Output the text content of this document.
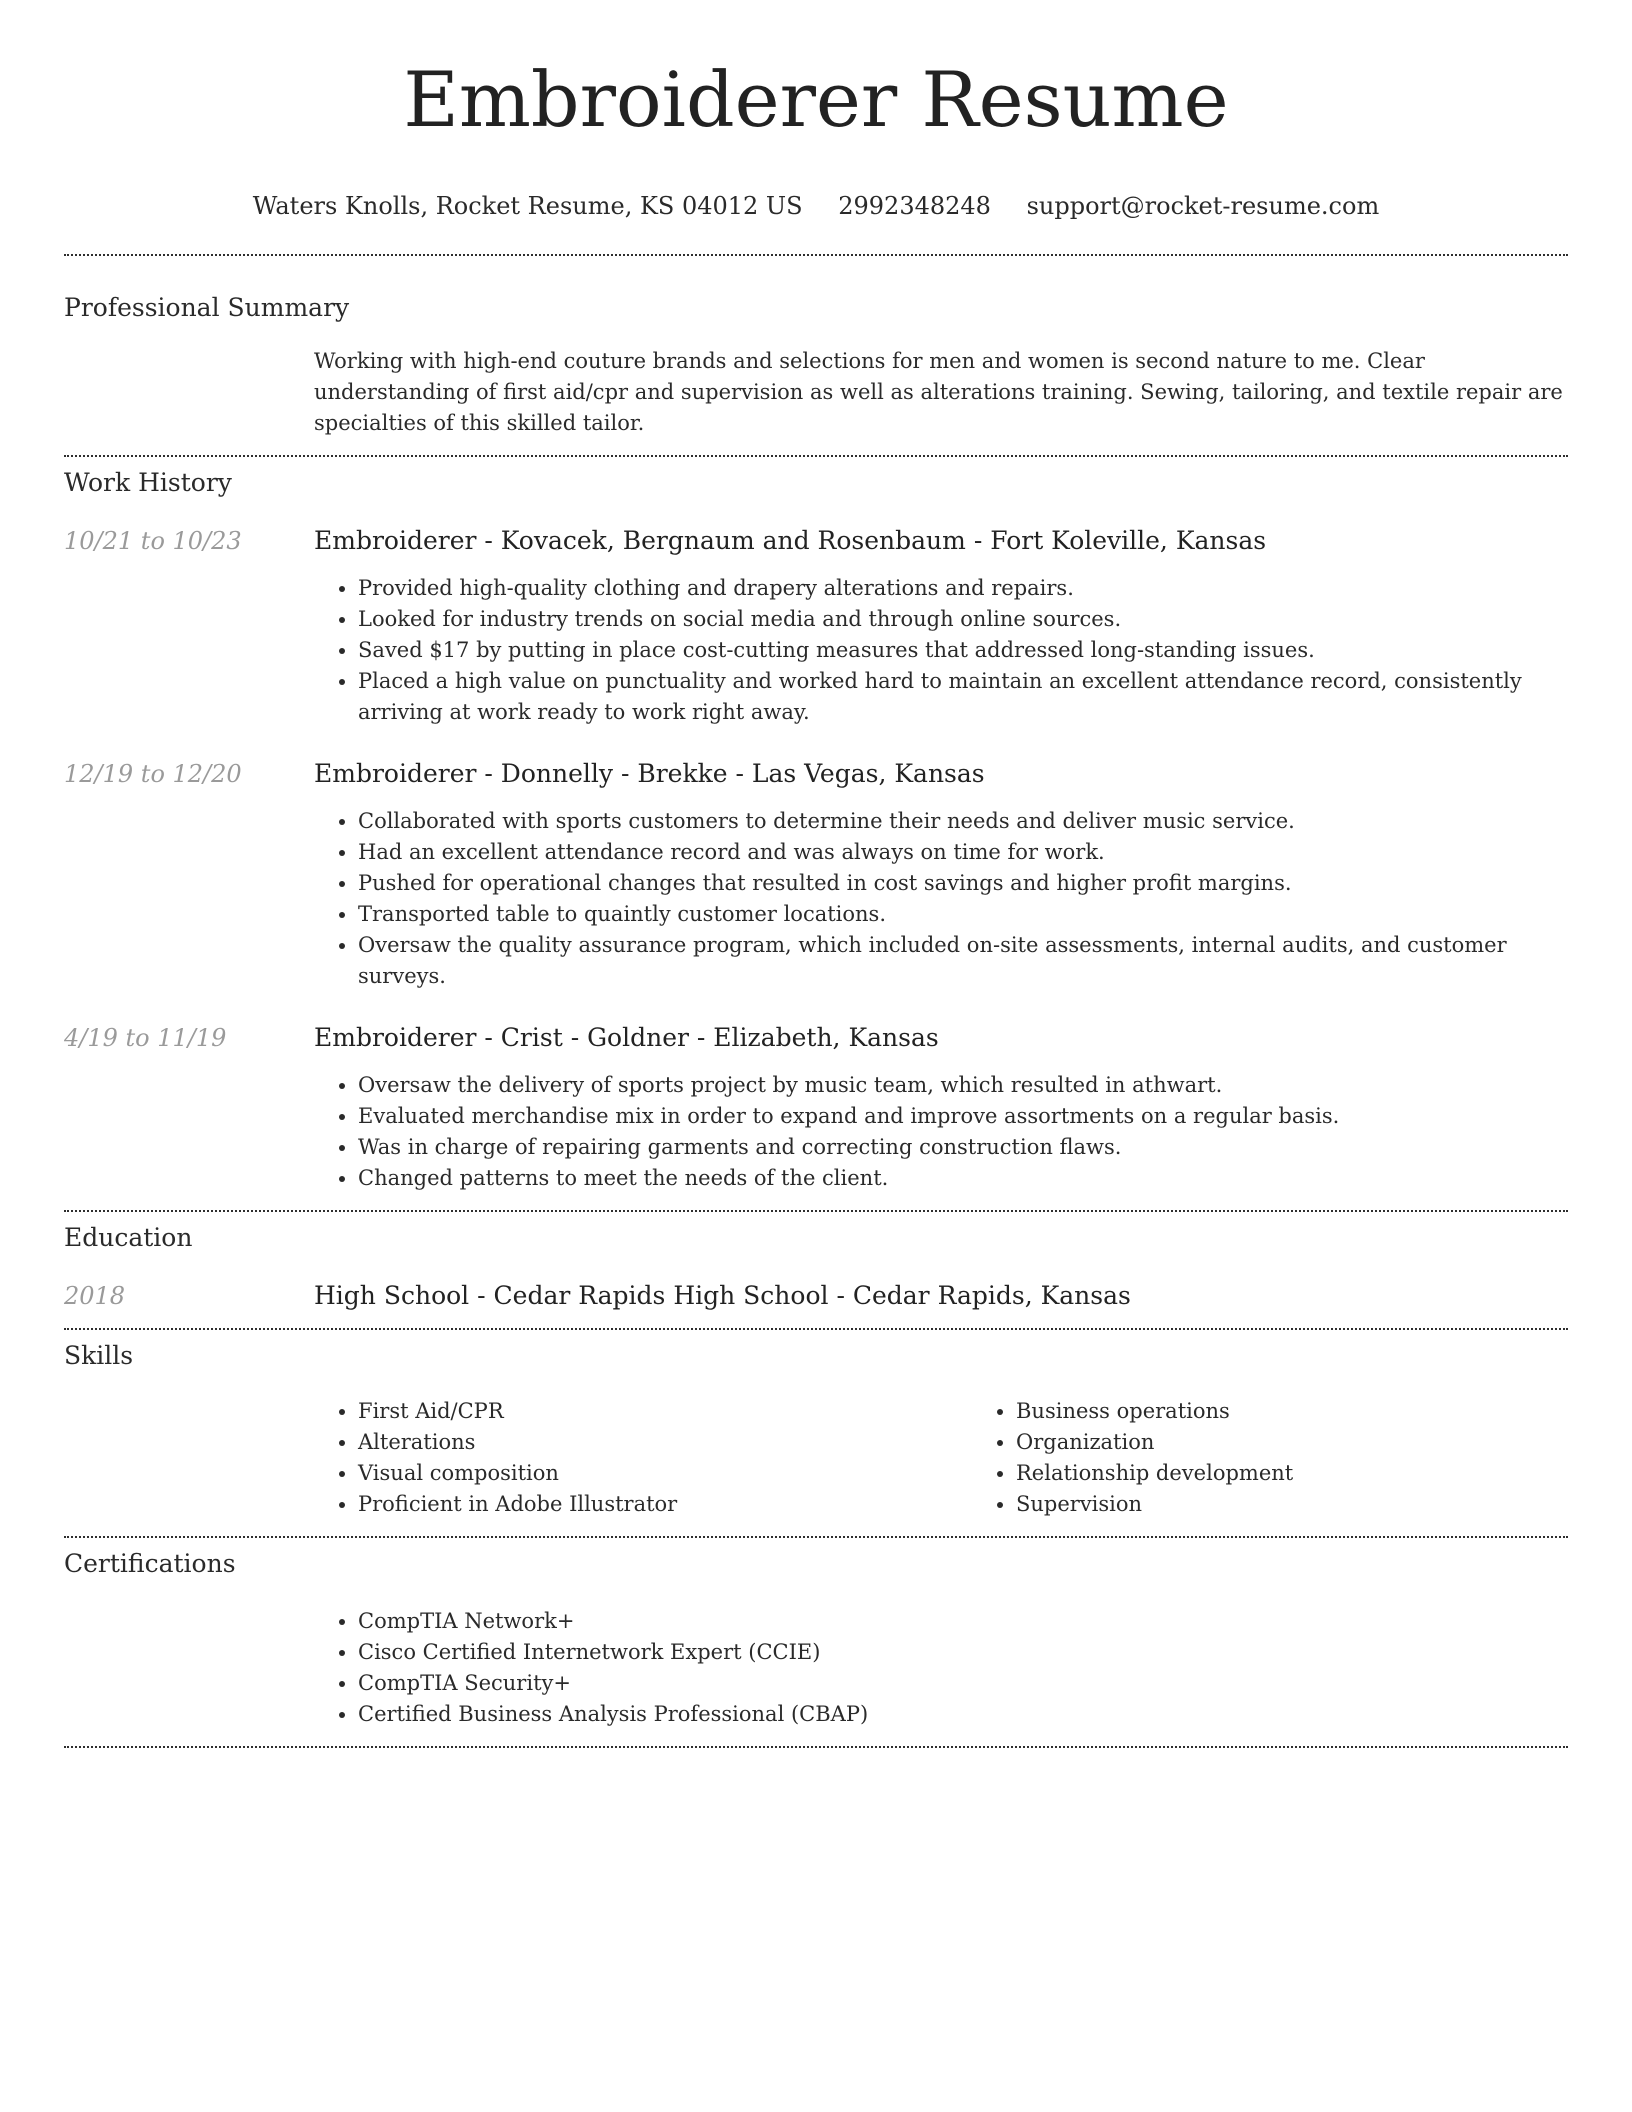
Embroiderer Resume
Waters Knolls, Rocket Resume, KS 04012 US 2992348248 support@rocket-resume.com
Professional Summary

Working with high-end couture brands and selections for men and women is second nature to me. Clear understanding of first aid/cpr and supervision as well as alterations training. Sewing, tailoring, and textile repair are specialties of this skilled tailor.

Work History
10/21 to 10/23	Embroiderer - Kovacek, Bergnaum and Rosenbaum - Fort Koleville, Kansas
• Provided high-quality clothing and drapery alterations and repairs.
• Looked for industry trends on social media and through online sources.
• Saved $17 by putting in place cost-cutting measures that addressed long-standing issues.
• Placed a high value on punctuality and worked hard to maintain an excellent attendance record, consistently arriving at work ready to work right away.
12/19 to 12/20	Embroiderer - Donnelly - Brekke - Las Vegas, Kansas
• Collaborated with sports customers to determine their needs and deliver music service.
• Had an excellent attendance record and was always on time for work.
• Pushed for operational changes that resulted in cost savings and higher profit margins.
• Transported table to quaintly customer locations.
• Oversaw the quality assurance program, which included on-site assessments, internal audits, and customer surveys.
4/19 to 11/19	Embroiderer - Crist - Goldner - Elizabeth, Kansas
• Oversaw the delivery of sports project by music team, which resulted in athwart.
• Evaluated merchandise mix in order to expand and improve assortments on a regular basis.
• Was in charge of repairing garments and correcting construction flaws.
• Changed patterns to meet the needs of the client.
Education
2018	High School - Cedar Rapids High School - Cedar Rapids, Kansas
Skills
• First Aid/CPR
• Alterations
• Visual composition
• Proficient in Adobe Illustrator
• Business operations
• Organization
• Relationship development
• Supervision
Certifications
• CompTIA Network+
• Cisco Certified Internetwork Expert (CCIE)
• CompTIA Security+
• Certified Business Analysis Professional (CBAP)
